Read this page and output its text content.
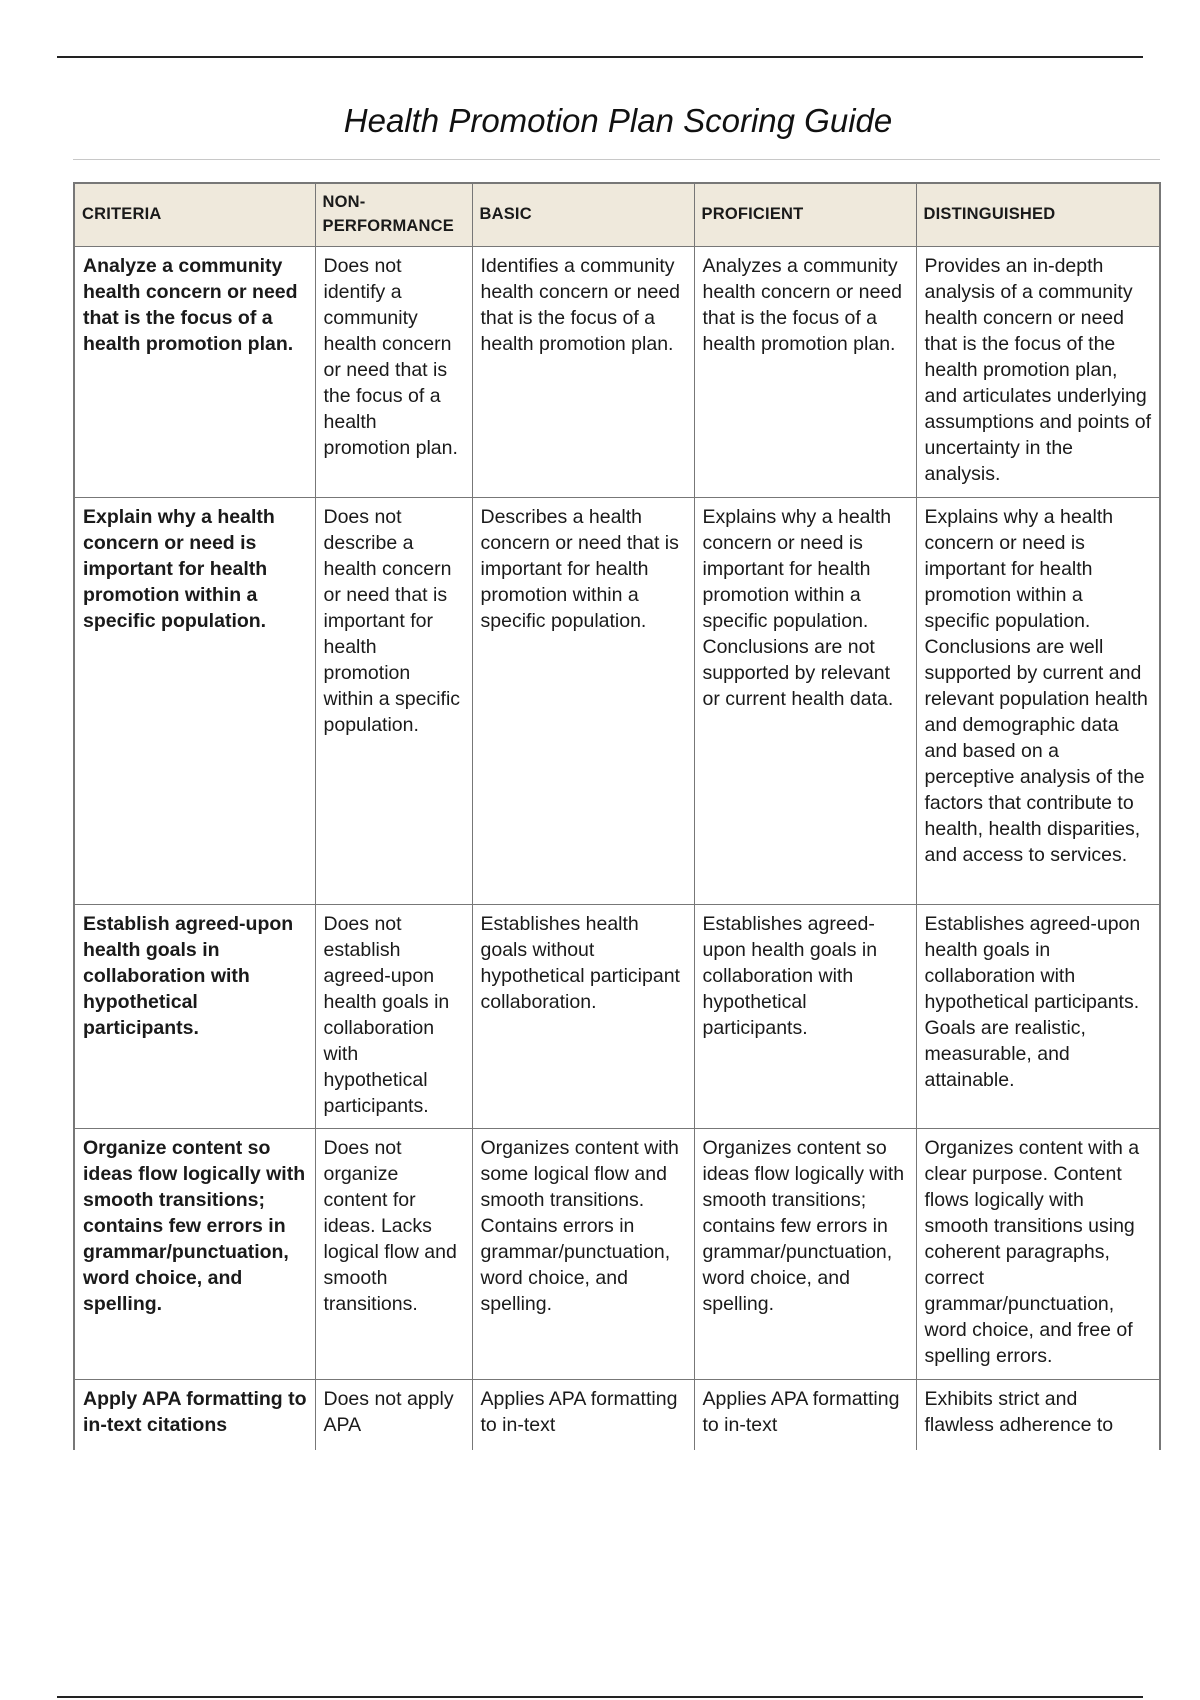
Health Promotion Plan Scoring Guide
CRITERIA	NON-PERFORMANCE	BASIC	PROFICIENT	DISTINGUISHED
Analyze a community health concern or need that is the focus of a health promotion plan.	Does not identify a community health concern or need that is the focus of a health promotion plan.	Identifies a community health concern or need that is the focus of a health promotion plan.	Analyzes a community health concern or need that is the focus of a health promotion plan.	Provides an in-depth analysis of a community health concern or need that is the focus of the health promotion plan, and articulates underlying assumptions and points of uncertainty in the analysis.
Explain why a health concern or need is important for health promotion within a specific population.	Does not describe a health concern or need that is important for health promotion within a specific population.	Describes a health concern or need that is important for health promotion within a specific population.	Explains why a health concern or need is important for health promotion within a specific population. Conclusions are not supported by relevant or current health data.	Explains why a health concern or need is important for health promotion within a specific population. Conclusions are well supported by current and relevant population health and demographic data and based on a perceptive analysis of the factors that contribute to health, health disparities, and access to services.
Establish agreed-upon health goals in collaboration with hypothetical participants.	Does not establish agreed-upon health goals in collaboration with hypothetical participants.	Establishes health goals without hypothetical participant collaboration.	Establishes agreed-upon health goals in collaboration with hypothetical participants.	Establishes agreed-upon health goals in collaboration with hypothetical participants. Goals are realistic, measurable, and attainable.
Organize content so ideas flow logically with smooth transitions; contains few errors in grammar/punctuation, word choice, and spelling.	Does not organize content for ideas. Lacks logical flow and smooth transitions.	Organizes content with some logical flow and smooth transitions. Contains errors in grammar/punctuation, word choice, and spelling.	Organizes content so ideas flow logically with smooth transitions; contains few errors in grammar/punctuation, word choice, and spelling.	Organizes content with a clear purpose. Content flows logically with smooth transitions using coherent paragraphs, correct grammar/punctuation, word choice, and free of spelling errors.
Apply APA formatting to in-text citations	Does not apply APA	Applies APA formatting to in-text	Applies APA formatting to in-text	Exhibits strict and flawless adherence to
